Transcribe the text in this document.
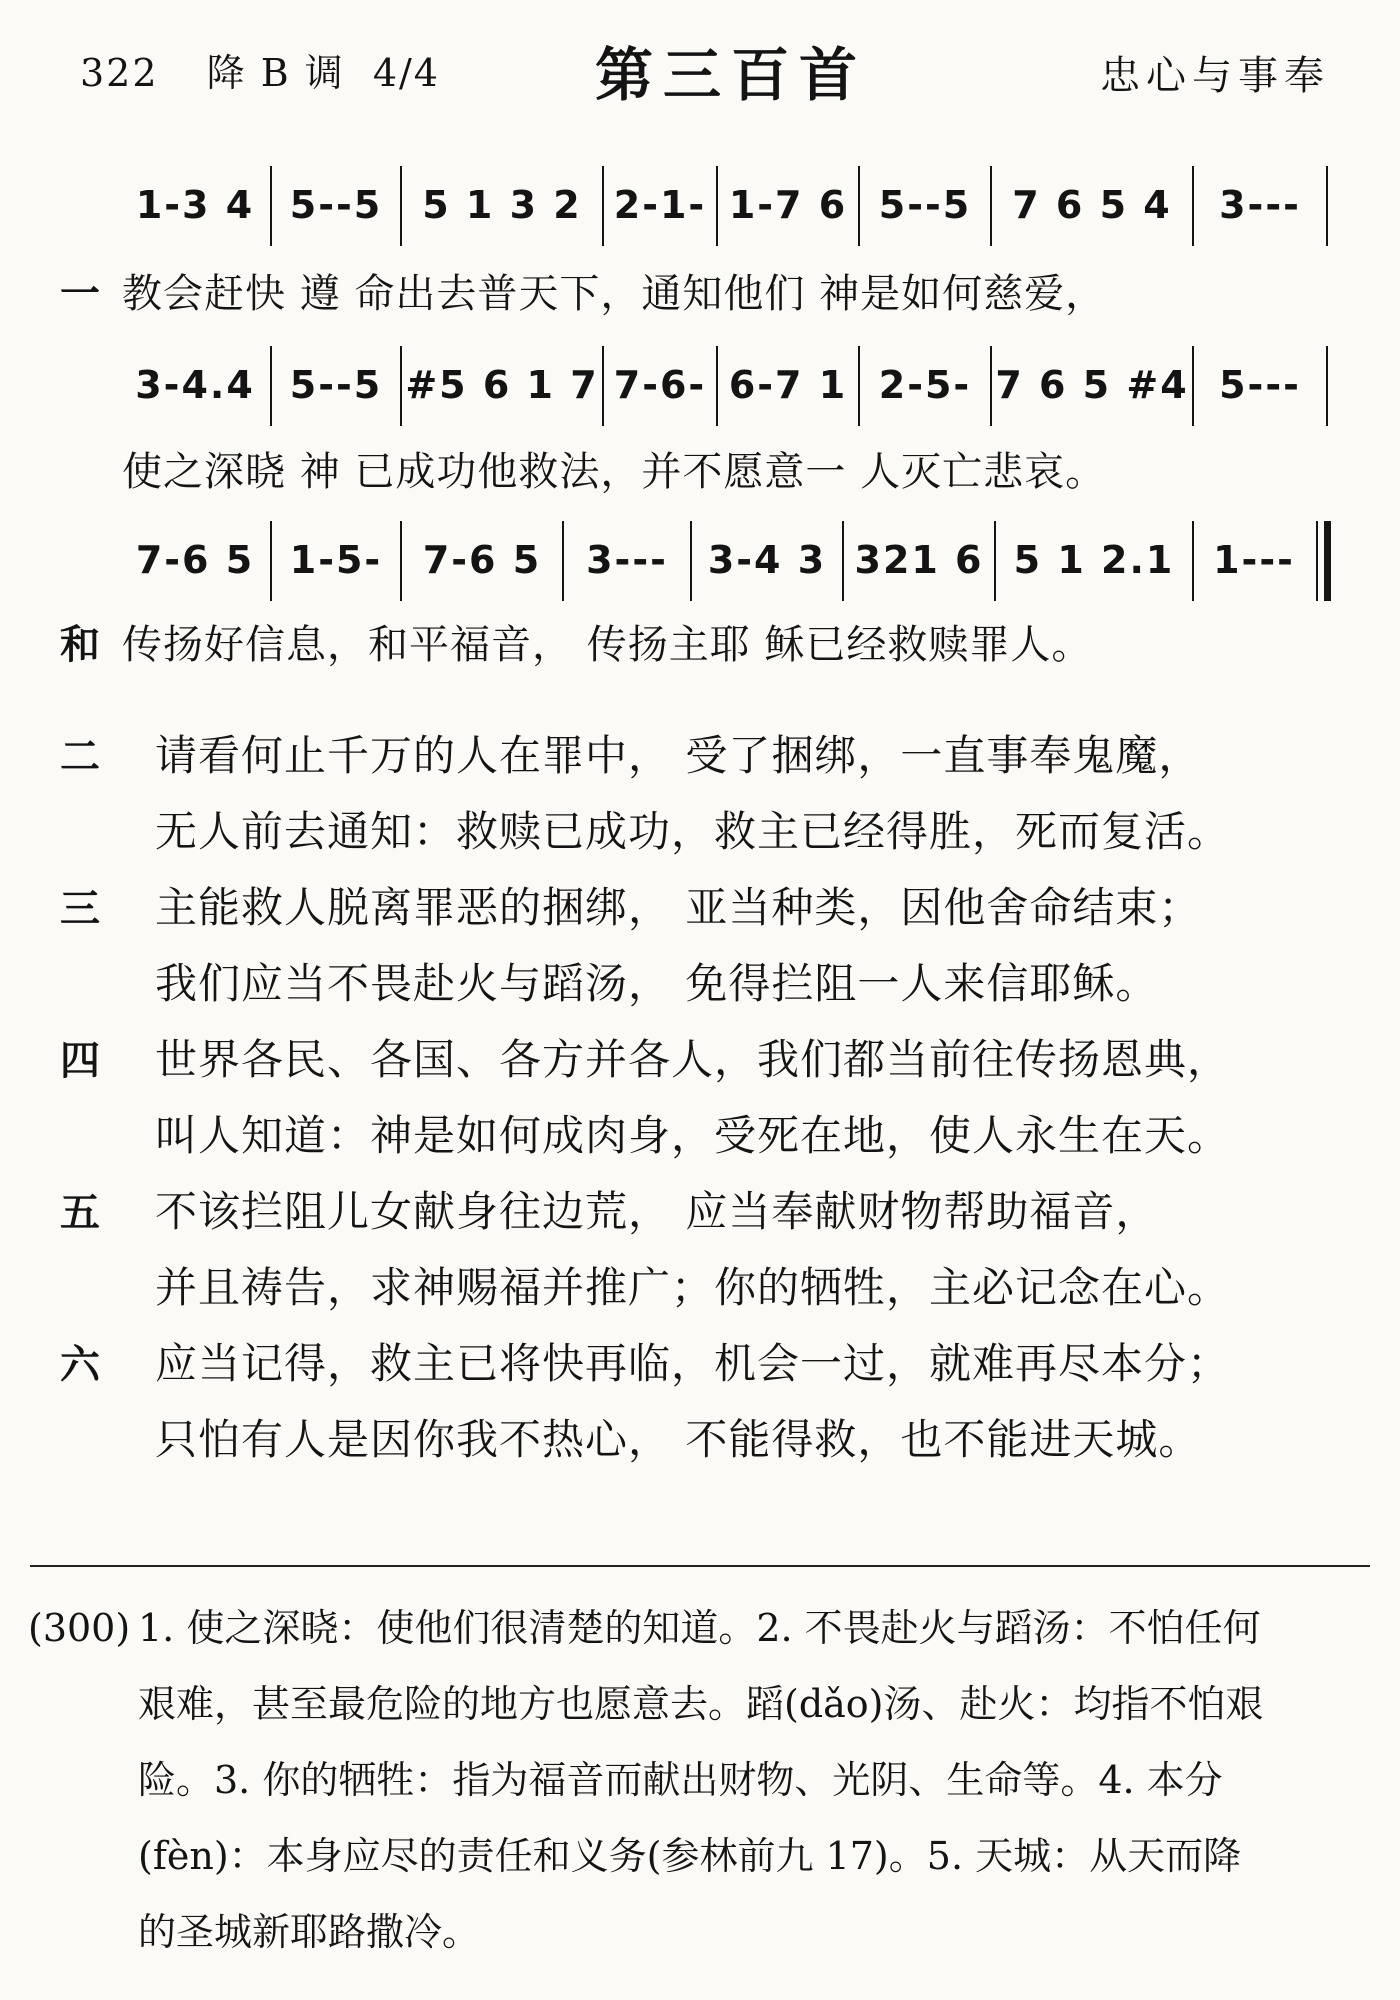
322 降 B 调 4/4	第三百首	忠心与事奉
1-3 4 5--5	5 1 3 2 2-1- 1-7 6 5--5	7 6 5 4	3---
一 教会赶快 遵 命出去普天下，通知他们 神是如何慈爱，
3-4.4 5--5 #5 6 1 7 7-6- 6-7 1 2-5- 7 6 5 #4 5---
使之深晓 神 已成功他救法，并不愿意一 人灭亡悲哀。
7-6 5 1-5-	7-6 5	3---	3-4 3 321 6 5 1 2.1	1---
和 传扬好信息，和平福音， 传扬主耶 稣已经救赎罪人。
二	请看何止千万的人在罪中， 受了捆绑，一直事奉鬼魔，
无人前去通知：救赎已成功，救主已经得胜，死而复活。
三	主能救人脱离罪恶的捆绑， 亚当种类，因他舍命结束；
我们应当不畏赴火与蹈汤， 免得拦阻一人来信耶稣。
四	世界各民、各国、各方并各人，我们都当前往传扬恩典，
叫人知道：神是如何成肉身，受死在地，使人永生在天。
五	不该拦阻儿女献身往边荒， 应当奉献财物帮助福音，
并且祷告，求神赐福并推广；你的牺牲，主必记念在心。
六	应当记得，救主已将快再临，机会一过，就难再尽本分；
只怕有人是因你我不热心， 不能得救，也不能进天城。
(300) 1. 使之深晓：使他们很清楚的知道。2. 不畏赴火与蹈汤：不怕任何
艰难，甚至最危险的地方也愿意去。蹈(dǎo)汤、赴火：均指不怕艰
险。3. 你的牺牲：指为福音而献出财物、光阴、生命等。4. 本分
(fèn)：本身应尽的责任和义务(参林前九 17)。5. 天城：从天而降
的圣城新耶路撒冷。
